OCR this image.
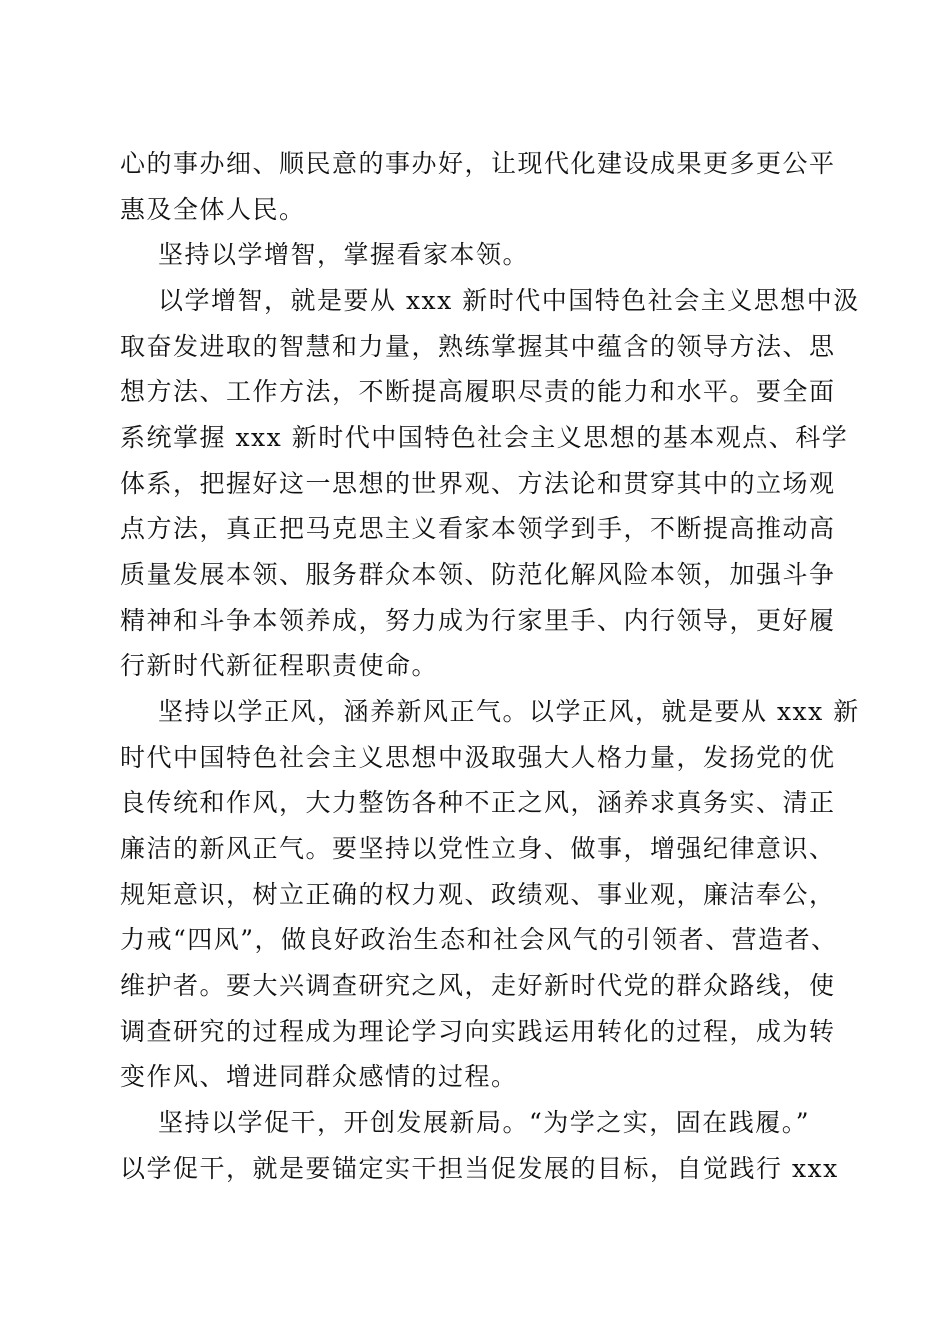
心的事办细、顺民意的事办好，让现代化建设成果更多更公平
惠及全体人民。
坚持以学增智，掌握看家本领。
以学增智，就是要从 xxx 新时代中国特色社会主义思想中汲
取奋发进取的智慧和力量，熟练掌握其中蕴含的领导方法、思
想方法、工作方法，不断提高履职尽责的能力和水平。要全面
系统掌握 xxx 新时代中国特色社会主义思想的基本观点、科学
体系，把握好这一思想的世界观、方法论和贯穿其中的立场观
点方法，真正把马克思主义看家本领学到手，不断提高推动高
质量发展本领、服务群众本领、防范化解风险本领，加强斗争
精神和斗争本领养成，努力成为行家里手、内行领导，更好履
行新时代新征程职责使命。
坚持以学正风，涵养新风正气。以学正风，就是要从 xxx 新
时代中国特色社会主义思想中汲取强大人格力量，发扬党的优
良传统和作风，大力整饬各种不正之风，涵养求真务实、清正
廉洁的新风正气。要坚持以党性立身、做事，增强纪律意识、
规矩意识，树立正确的权力观、政绩观、事业观，廉洁奉公，
力戒“四风”，做良好政治生态和社会风气的引领者、营造者、
维护者。要大兴调查研究之风，走好新时代党的群众路线，使
调查研究的过程成为理论学习向实践运用转化的过程，成为转
变作风、增进同群众感情的过程。
坚持以学促干，开创发展新局。“为学之实，固在践履。”
以学促干，就是要锚定实干担当促发展的目标，自觉践行 xxx
